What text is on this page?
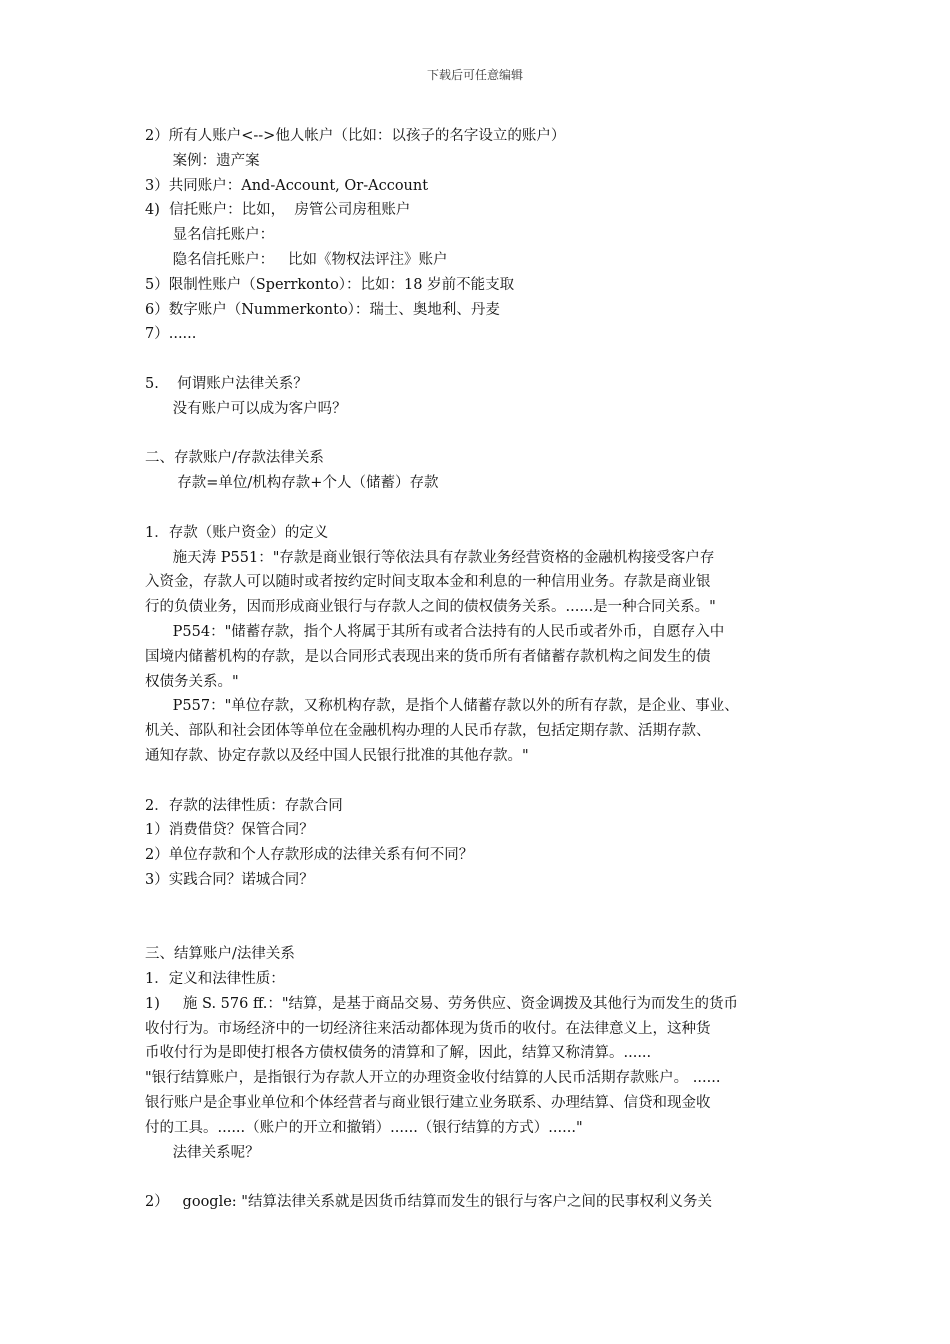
下载后可任意编辑
2）所有人账户<-->他人帐户（比如：以孩子的名字设立的账户）
案例：遗产案
3）共同账户：And-Account, Or-Account
4)  信托账户：比如，  房管公司房租账户
显名信托账户：
隐名信托账户：   比如《物权法评注》账户
5）限制性账户（Sperrkonto）：比如：18 岁前不能支取
6）数字账户（Nummerkonto）：瑞士、奥地利、丹麦
7）......
5.    何谓账户法律关系？
没有账户可以成为客户吗？
二、存款账户/存款法律关系
存款=单位/机构存款+个人（储蓄）存款
1．存款（账户资金）的定义
施天涛 P551："存款是商业银行等依法具有存款业务经营资格的金融机构接受客户存
入资金，存款人可以随时或者按约定时间支取本金和利息的一种信用业务。存款是商业银
行的负债业务，因而形成商业银行与存款人之间的债权债务关系。......是一种合同关系。"
P554："储蓄存款，指个人将属于其所有或者合法持有的人民币或者外币，自愿存入中
国境内储蓄机构的存款，是以合同形式表现出来的货币所有者储蓄存款机构之间发生的债
权债务关系。"
P557："单位存款，又称机构存款，是指个人储蓄存款以外的所有存款，是企业、事业、
机关、部队和社会团体等单位在金融机构办理的人民币存款，包括定期存款、活期存款、
通知存款、协定存款以及经中国人民银行批准的其他存款。"
2．存款的法律性质：存款合同
1）消费借贷？保管合同？
2）单位存款和个人存款形成的法律关系有何不同？
3）实践合同？诺城合同？
三、结算账户/法律关系
1．定义和法律性质：
1)     施 S. 576 ff.："结算，是基于商品交易、劳务供应、资金调拨及其他行为而发生的货币
收付行为。市场经济中的一切经济往来活动都体现为货币的收付。在法律意义上，这种货
币收付行为是即使打根各方债权债务的清算和了解，因此，结算又称清算。......
"银行结算账户，是指银行为存款人开立的办理资金收付结算的人民币活期存款账户。 ......
银行账户是企事业单位和个体经营者与商业银行建立业务联系、办理结算、信贷和现金收
付的工具。......（账户的开立和撤销）......（银行结算的方式）......"
法律关系呢？
2）   google: "结算法律关系就是因货币结算而发生的银行与客户之间的民事权利义务关
